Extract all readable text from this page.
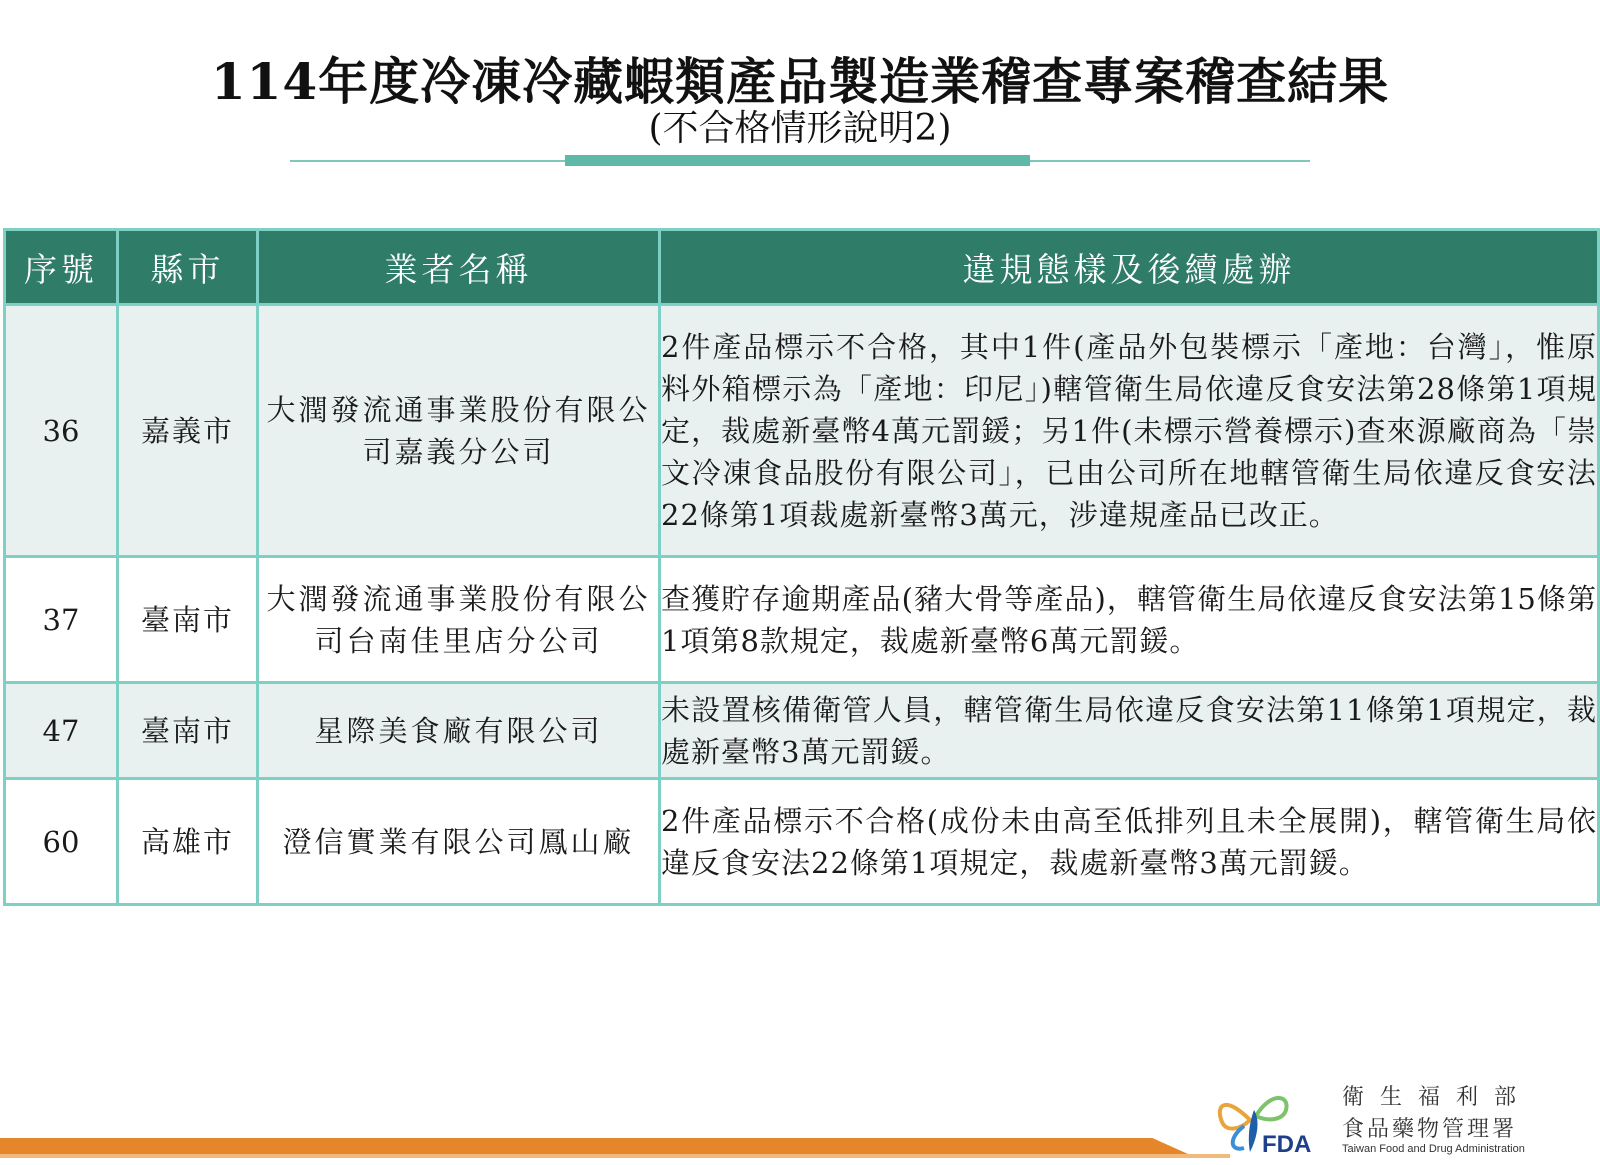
114年度冷凍冷藏蝦類產品製造業稽查專案稽查結果
(不合格情形說明2)
序號	縣市	業者名稱	違規態樣及後續處辦
36	嘉義市	大潤發流通事業股份有限公司嘉義分公司	2件產品標示不合格，其中1件(產品外包裝標示「產地：台灣」，惟原料外箱標示為「產地：印尼」)轄管衛生局依違反食安法第28條第1項規定，裁處新臺幣4萬元罰鍰；另1件(未標示營養標示)查來源廠商為「崇文冷凍食品股份有限公司」，已由公司所在地轄管衛生局依違反食安法22條第1項裁處新臺幣3萬元，涉違規產品已改正。
37	臺南市	大潤發流通事業股份有限公司台南佳里店分公司	查獲貯存逾期產品(豬大骨等產品)，轄管衛生局依違反食安法第15條第1項第8款規定，裁處新臺幣6萬元罰鍰。
47	臺南市	星際美食廠有限公司	未設置核備衛管人員，轄管衛生局依違反食安法第11條第1項規定，裁處新臺幣3萬元罰鍰。
60	高雄市	澄信實業有限公司鳳山廠	2件產品標示不合格(成份未由高至低排列且未全展開)，轄管衛生局依違反食安法22條第1項規定，裁處新臺幣3萬元罰鍰。
FDA
衛生福利部
食品藥物管理署
Taiwan Food and Drug Administration
